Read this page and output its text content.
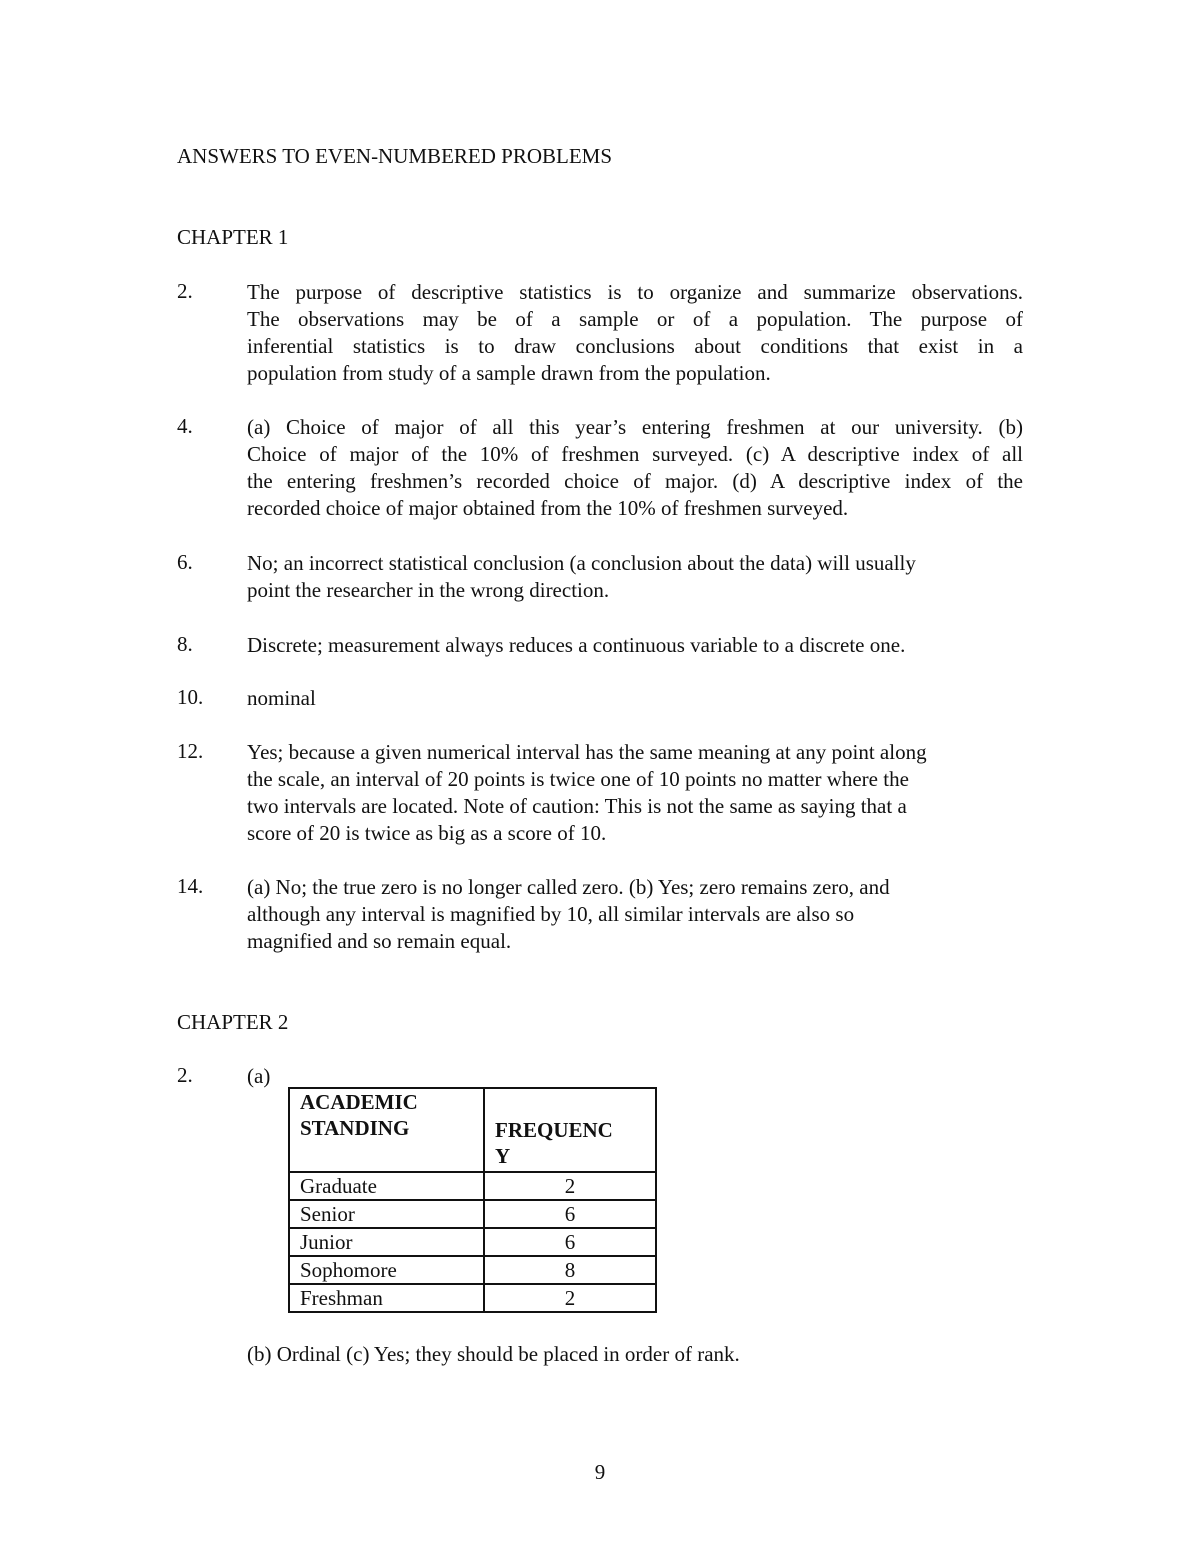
ANSWERS TO EVEN-NUMBERED PROBLEMS

CHAPTER 1

2.	The purpose of descriptive statistics is to organize and summarize observations.
The observations may be of a sample or of a population. The purpose of
inferential statistics is to draw conclusions about conditions that exist in a
population from study of a sample drawn from the population.
4.	(a) Choice of major of all this year’s entering freshmen at our university. (b)
Choice of major of the 10% of freshmen surveyed. (c) A descriptive index of all
the entering freshmen’s recorded choice of major. (d) A descriptive index of the
recorded choice of major obtained from the 10% of freshmen surveyed.
6.	No; an incorrect statistical conclusion (a conclusion about the data) will usually
point the researcher in the wrong direction.
8.	Discrete; measurement always reduces a continuous variable to a discrete one.
10. nominal
12. Yes; because a given numerical interval has the same meaning at any point along
the scale, an interval of 20 points is twice one of 10 points no matter where the
two intervals are located. Note of caution: This is not the same as saying that a
score of 20 is twice as big as a score of 10.
14. (a) No; the true zero is no longer called zero. (b) Yes; zero remains zero, and
although any interval is magnified by 10, all similar intervals are also so
magnified and so remain equal.

CHAPTER 2

2.	(a)
ACADEMIC
STANDING	FREQUENC
Y
Graduate	2
Senior	6
Junior	6
Sophomore	8
Freshman	2

(b) Ordinal (c) Yes; they should be placed in order of rank.

9
